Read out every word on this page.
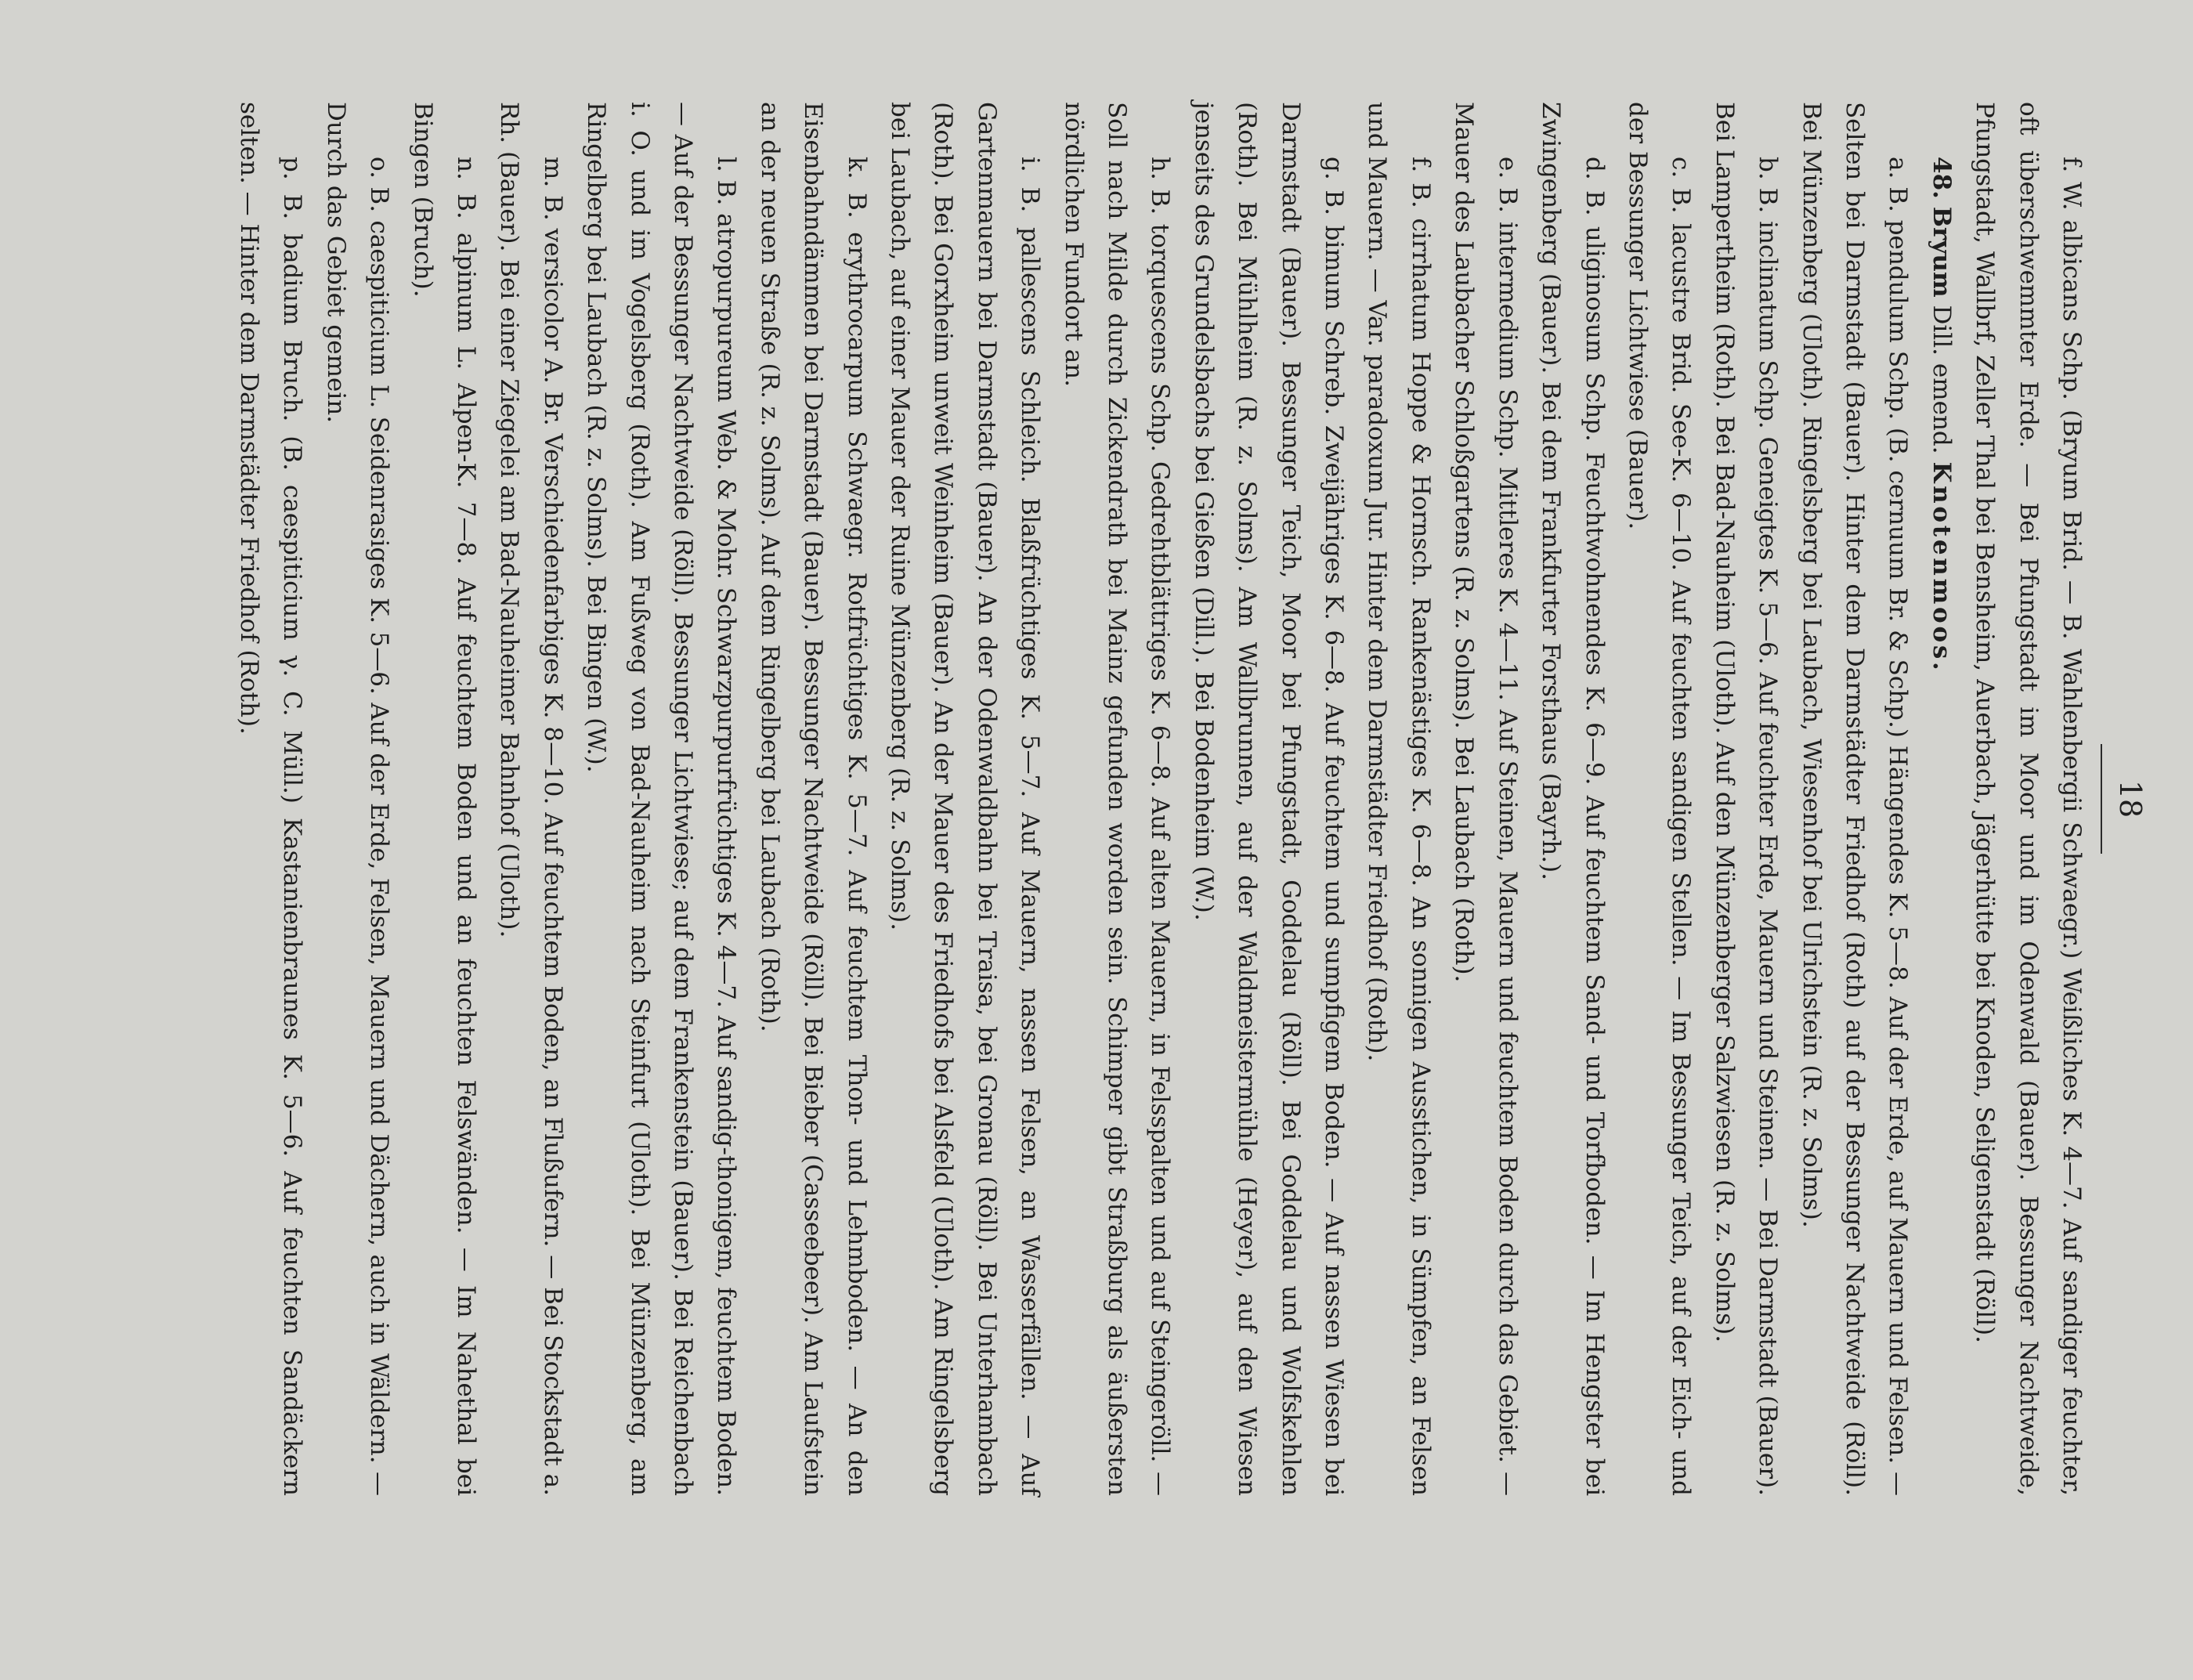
18

f. W. albicans Schp. (Bryum Brid. — B. Wahlenbergii Schwaegr.) Weißliches K. 4—7. Auf sandiger feuchter, oft überschwemmter Erde. — Bei Pfungstadt im Moor und im Odenwald (Bauer). Bessunger Nachtweide, Pfungstadt, Wallbrf, Zeller Thal bei Bensheim, Auerbach, Jägerhütte bei Knoden, Seligenstadt (Röll).

48. Bryum Dill. emend. Knotenmoos.

a. B. pendulum Schp. (B. cernuum Br. & Schp.) Hängendes K. 5—8. Auf der Erde, auf Mauern und Felsen. — Selten bei Darmstadt (Bauer). Hinter dem Darmstädter Friedhof (Roth) auf der Bessunger Nachtweide (Röll). Bei Münzenberg (Uloth). Ringelsberg bei Laubach, Wiesenhof bei Ulrichstein (R. z. Solms).

b. B. inclinatum Schp. Geneigtes K. 5—6. Auf feuchter Erde, Mauern und Steinen. — Bei Darmstadt (Bauer). Bei Lampertheim (Roth). Bei Bad-Nauheim (Uloth). Auf den Münzenberger Salzwiesen (R. z. Solms).

c. B. lacustre Brid. See-K. 6—10. Auf feuchten sandigen Stellen. — Im Bessunger Teich, auf der Eich- und der Bessunger Lichtwiese (Bauer).

d. B. uliginosum Schp. Feuchtwohnendes K. 6—9. Auf feuchtem Sand- und Torfboden. — Im Hengster bei Zwingenberg (Bauer). Bei dem Frankfurter Forsthaus (Bayrh.).

e. B. intermedium Schp. Mittleres K. 4—11. Auf Steinen, Mauern und feuchtem Boden durch das Gebiet. — Mauer des Laubacher Schloßgartens (R. z. Solms). Bei Laubach (Roth).

f. B. cirrhatum Hoppe & Hornsch. Rankenästiges K. 6—8. An sonnigen Ausstichen, in Sümpfen, an Felsen und Mauern. — Var. paradoxum Jur. Hinter dem Darmstädter Friedhof (Roth).

g. B. bimum Schreb. Zweijähriges K. 6—8. Auf feuchtem und sumpfigem Boden. — Auf nassen Wiesen bei Darmstadt (Bauer). Bessunger Teich, Moor bei Pfungstadt, Goddelau (Röll). Bei Goddelau und Wolfskehlen (Roth). Bei Mühlheim (R. z. Solms). Am Wallbrunnen, auf der Waldmeistermühle (Heyer), auf den Wiesen jenseits des Grundelsbachs bei Gießen (Dill.). Bei Bodenheim (W.).

h. B. torquescens Schp. Gedrehtblättriges K. 6—8. Auf alten Mauern, in Felsspalten und auf Steingeröll. — Soll nach Milde durch Zickendrath bei Mainz gefunden worden sein. Schimper gibt Straßburg als äußersten nördlichen Fundort an.

i. B. pallescens Schleich. Blaßfrüchtiges K. 5—7. Auf Mauern, nassen Felsen, an Wasserfällen. — Auf Gartenmauern bei Darmstadt (Bauer). An der Odenwaldbahn bei Traisa, bei Gronau (Röll). Bei Unterhambach (Roth). Bei Gorxheim unweit Weinheim (Bauer). An der Mauer des Friedhofs bei Alsfeld (Uloth). Am Ringelsberg bei Laubach, auf einer Mauer der Ruine Münzenberg (R. z. Solms).

k. B. erythrocarpum Schwaegr. Rotfrüchtiges K. 5—7. Auf feuchtem Thon- und Lehmboden. — An den Eisenbahndämmen bei Darmstadt (Bauer). Bessunger Nachtweide (Röll). Bei Bieber (Casseebeer). Am Laufstein an der neuen Straße (R. z. Solms). Auf dem Ringelberg bei Laubach (Roth).

l. B. atropurpureum Web. & Mohr. Schwarzpurpurfrüchtiges K. 4—7. Auf sandig-thonigem, feuchtem Boden. — Auf der Bessunger Nachtweide (Röll). Bessunger Lichtwiese; auf dem Frankenstein (Bauer). Bei Reichenbach i. O. und im Vogelsberg (Roth). Am Fußweg von Bad-Nauheim nach Steinfurt (Uloth). Bei Münzenberg, am Ringelberg bei Laubach (R. z. Solms). Bei Bingen (W.).

m. B. versicolor A. Br. Verschiedenfarbiges K. 8—10. Auf feuchtem Boden, an Flußufern. — Bei Stockstadt a. Rh. (Bauer). Bei einer Ziegelei am Bad-Nauheimer Bahnhof (Uloth).

n. B. alpinum L. Alpen-K. 7—8. Auf feuchtem Boden und an feuchten Felswänden. — Im Nahethal bei Bingen (Bruch).

o. B. caespiticium L. Seidenrasiges K. 5—6. Auf der Erde, Felsen, Mauern und Dächern, auch in Wäldern. — Durch das Gebiet gemein.

p. B. badium Bruch. (B. caespiticium γ. C. Müll.) Kastanienbraunes K. 5—6. Auf feuchten Sandäckern selten. — Hinter dem Darmstädter Friedhof (Roth).
